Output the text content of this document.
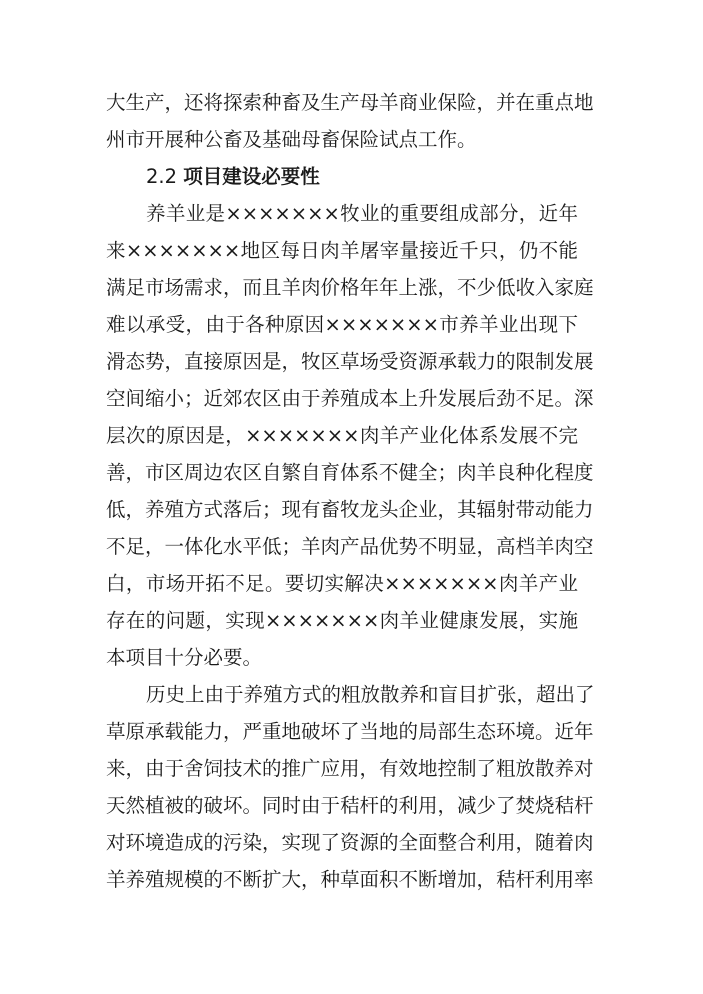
大生产，还将探索种畜及生产母羊商业保险，并在重点地
州市开展种公畜及基础母畜保险试点工作。
2.2 项目建设必要性
养羊业是×××××××牧业的重要组成部分，近年
来×××××××地区每日肉羊屠宰量接近千只，仍不能
满足市场需求，而且羊肉价格年年上涨，不少低收入家庭
难以承受，由于各种原因×××××××市养羊业出现下
滑态势，直接原因是，牧区草场受资源承载力的限制发展
空间缩小；近郊农区由于养殖成本上升发展后劲不足。深
层次的原因是，×××××××肉羊产业化体系发展不完
善，市区周边农区自繁自育体系不健全；肉羊良种化程度
低，养殖方式落后；现有畜牧龙头企业，其辐射带动能力
不足，一体化水平低；羊肉产品优势不明显，高档羊肉空
白，市场开拓不足。要切实解决×××××××肉羊产业
存在的问题，实现×××××××肉羊业健康发展，实施
本项目十分必要。
历史上由于养殖方式的粗放散养和盲目扩张，超出了
草原承载能力，严重地破坏了当地的局部生态环境。近年
来，由于舍饲技术的推广应用，有效地控制了粗放散养对
天然植被的破坏。同时由于秸杆的利用，减少了焚烧秸杆
对环境造成的污染，实现了资源的全面整合利用，随着肉
羊养殖规模的不断扩大，种草面积不断增加，秸杆利用率
